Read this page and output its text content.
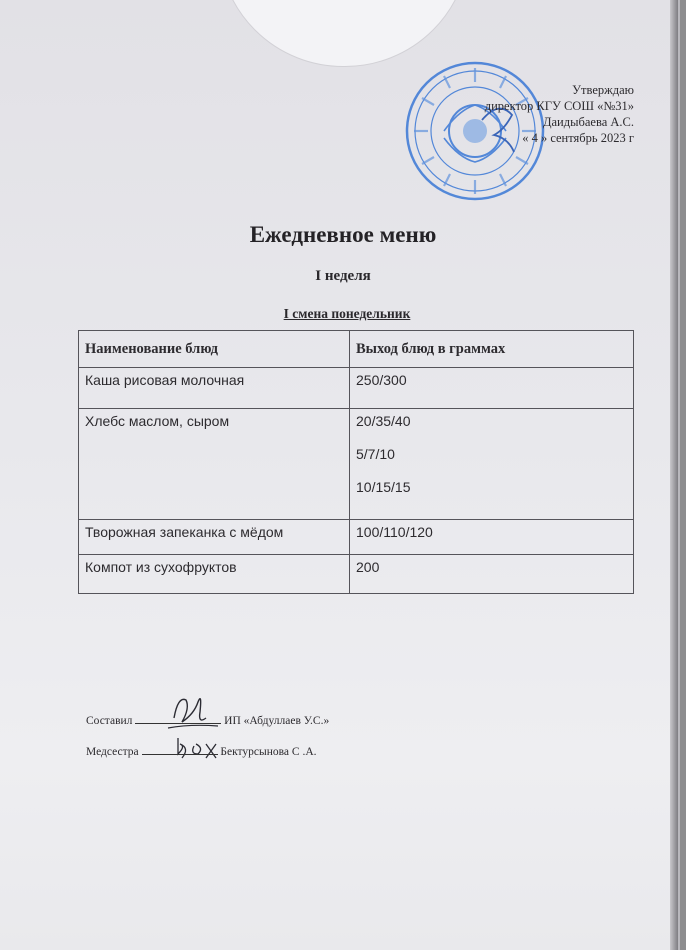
Утверждаю
директор КГУ СОШ «№31»
Даидыбаева А.С.
« 4 » сентябрь 2023 г
Ежедневное меню
I неделя
I смена понедельник
Наименование блюд	Выход блюд в граммах
Каша рисовая молочная	250/300
Хлебс маслом, сыром	20/35/40
5/7/10
10/15/15

Творожная запеканка с мёдом	100/110/120
Компот из сухофруктов	200
Составил	ИП «Абдуллаев У.С.»
Медсестра	Бектурсынова С .А.
